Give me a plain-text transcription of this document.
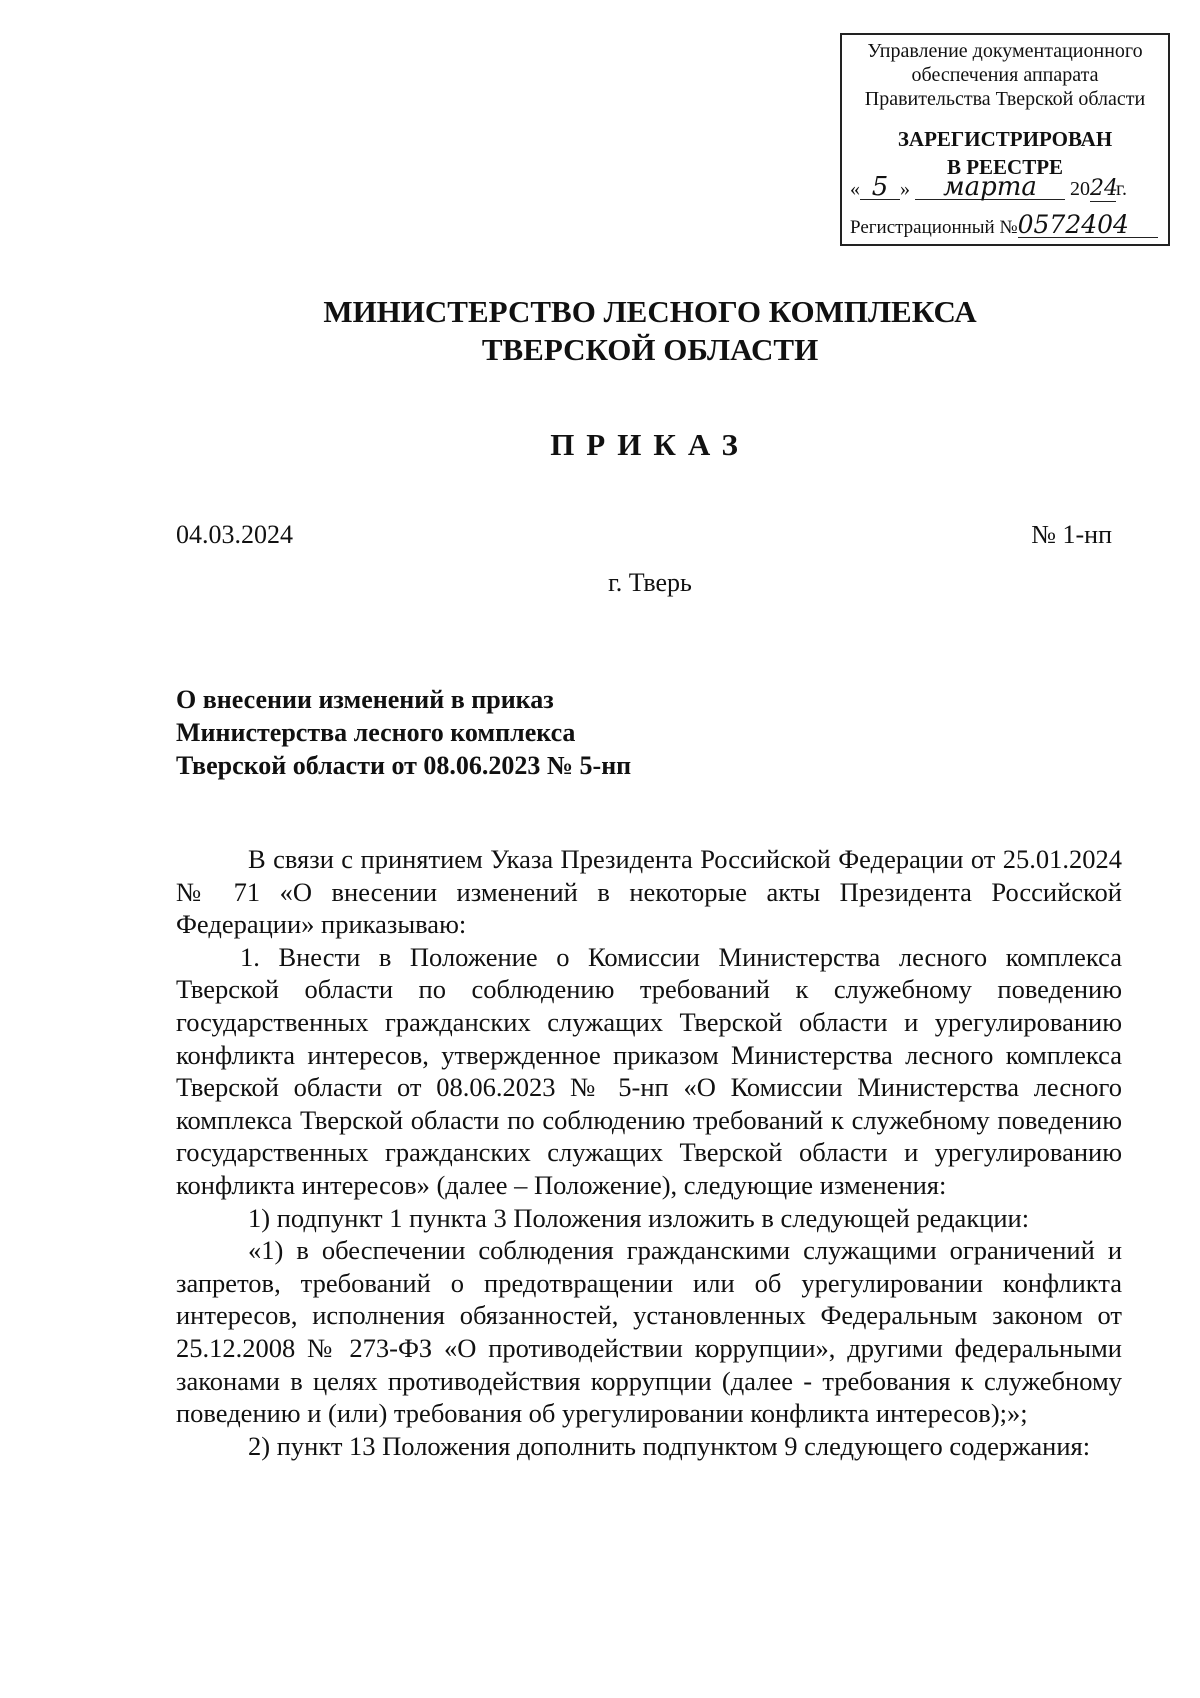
Управление документационного
обеспечения аппарата
Правительства Тверской области
ЗАРЕГИСТРИРОВАН
В РЕЕСТРЕ
« 5 » марта 2024г.
Регистрационный №0572404
МИНИСТЕРСТВО ЛЕСНОГО КОМПЛЕКСА
ТВЕРСКОЙ ОБЛАСТИ
ПРИКАЗ
04.03.2024	№ 1-нп
г. Тверь
О внесении изменений в приказ
Министерства лесного комплекса
Тверской области от 08.06.2023 № 5-нп

В связи с принятием Указа Президента Российской Федерации от 25.01.2024 № 71 «О внесении изменений в некоторые акты Президента Российской Федерации» приказываю:

1. Внести в Положение о Комиссии Министерства лесного комплекса Тверской области по соблюдению требований к служебному поведению государственных гражданских служащих Тверской области и урегулированию конфликта интересов, утвержденное приказом Министерства лесного комплекса Тверской области от 08.06.2023 № 5-нп «О Комиссии Министерства лесного комплекса Тверской области по соблюдению требований к служебному поведению государственных гражданских служащих Тверской области и урегулированию конфликта интересов» (далее – Положение), следующие изменения:

1) подпункт 1 пункта 3 Положения изложить в следующей редакции:

«1) в обеспечении соблюдения гражданскими служащими ограничений и запретов, требований о предотвращении или об урегулировании конфликта интересов, исполнения обязанностей, установленных Федеральным законом от 25.12.2008 № 273-ФЗ «О противодействии коррупции», другими федеральными законами в целях противодействия коррупции (далее - требования к служебному поведению и (или) требования об урегулировании конфликта интересов);»;

2) пункт 13 Положения дополнить подпунктом 9 следующего содержания:
